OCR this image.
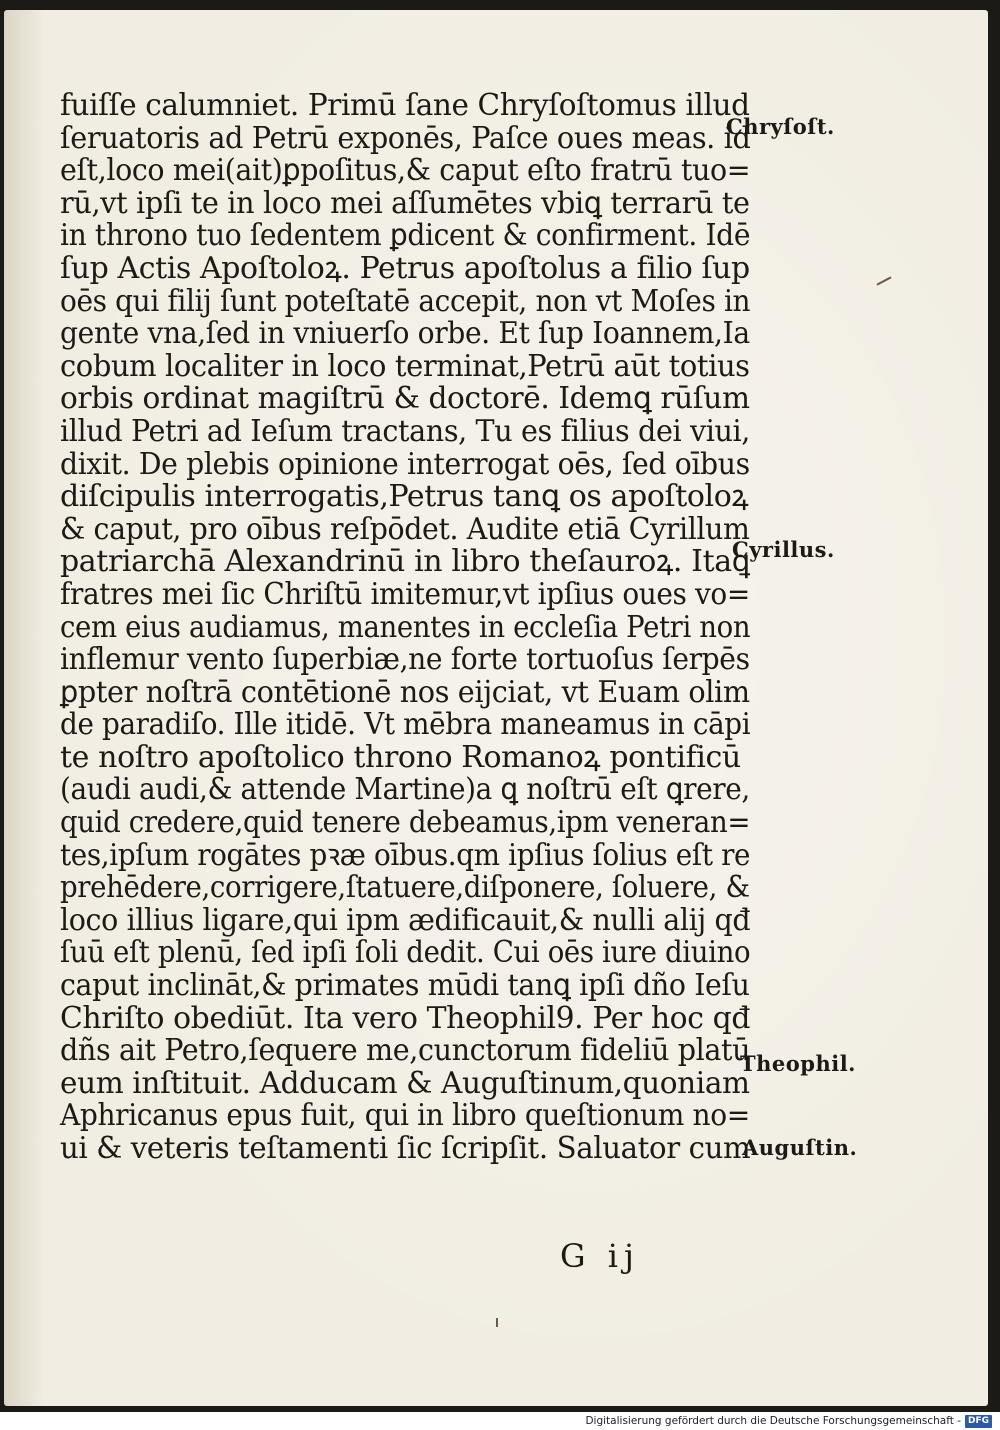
fuiſſe calumniet. Primū ſane Chryſoſtomus illud
ſeruatoris ad Petrū exponēs, Paſce oues meas. id
eſt,loco mei(ait)ꝑpoſitus,& caput eſto fratrū tuo=
rū,vt ipſi te in loco mei aſſumētes vbiꝗ terrarū te
in throno tuo ſedentem ꝑdicent & confirment. Idē
ſup Actis Apoſtoloꝝ. Petrus apoſtolus a filio ſup
oēs qui filij ſunt poteſtatē accepit, non vt Moſes in
gente vna,ſed in vniuerſo orbe. Et ſup Ioannem,Ia
cobum localiter in loco terminat,Petrū aūt totius
orbis ordinat magiſtrū & doctorē. Idemꝗ rūſum
illud Petri ad Ieſum tractans, Tu es filius dei viui,
dixit. De plebis opinione interrogat oēs, ſed oībus
diſcipulis interrogatis,Petrus tanꝗ os apoſtoloꝝ
& caput, pro oībus reſpōdet. Audite etiā Cyrillum
patriarchā Alexandrinū in libro theſauroꝝ. Itaꝗ
fratres mei ſic Chriſtū imitemur,vt ipſius oues vo=
cem eius audiamus, manentes in eccleſia Petri non
inflemur vento ſuperbiæ,ne forte tortuoſus ſerpēs
ꝑpter noſtrā contētionē nos eijciat, vt Euam olim
de paradiſo. Ille itidē. Vt mēbra maneamus in cāpi
te noſtro apoſtolico throno Romanoꝝ pontificū
(audi audi,& attende Martine)a ꝗ noſtrū eſt ꝗrere,
quid credere,quid tenere debeamus,ipm veneran=
tes,ipſum rogātes pꝛæ oībus.qm ipſius ſolius eſt re
prehēdere,corrigere,ſtatuere,diſponere, ſoluere, &
loco illius ligare,qui ipm ædificauit,& nulli alij qđ
ſuū eſt plenū, ſed ipſi ſoli dedit. Cui oēs iure diuino
caput inclināt,& primates mūdi tanꝗ ipſi dño Ieſu
Chriſto obediūt. Ita vero Theophil9. Per hoc qđ
dñs ait Petro,ſequere me,cunctorum fideliū platū
eum inſtituit. Adducam & Auguſtinum,quoniam
Aphricanus epus fuit, qui in libro queſtionum no=
ui & veteris teſtamenti ſic ſcripſit. Saluator cum
Chryſoſt.
Cyrillus.
Theophil.
Auguſtin.
G ij
Digitalisierung gefördert durch die Deutsche Forschungsgemeinschaft - DFG
